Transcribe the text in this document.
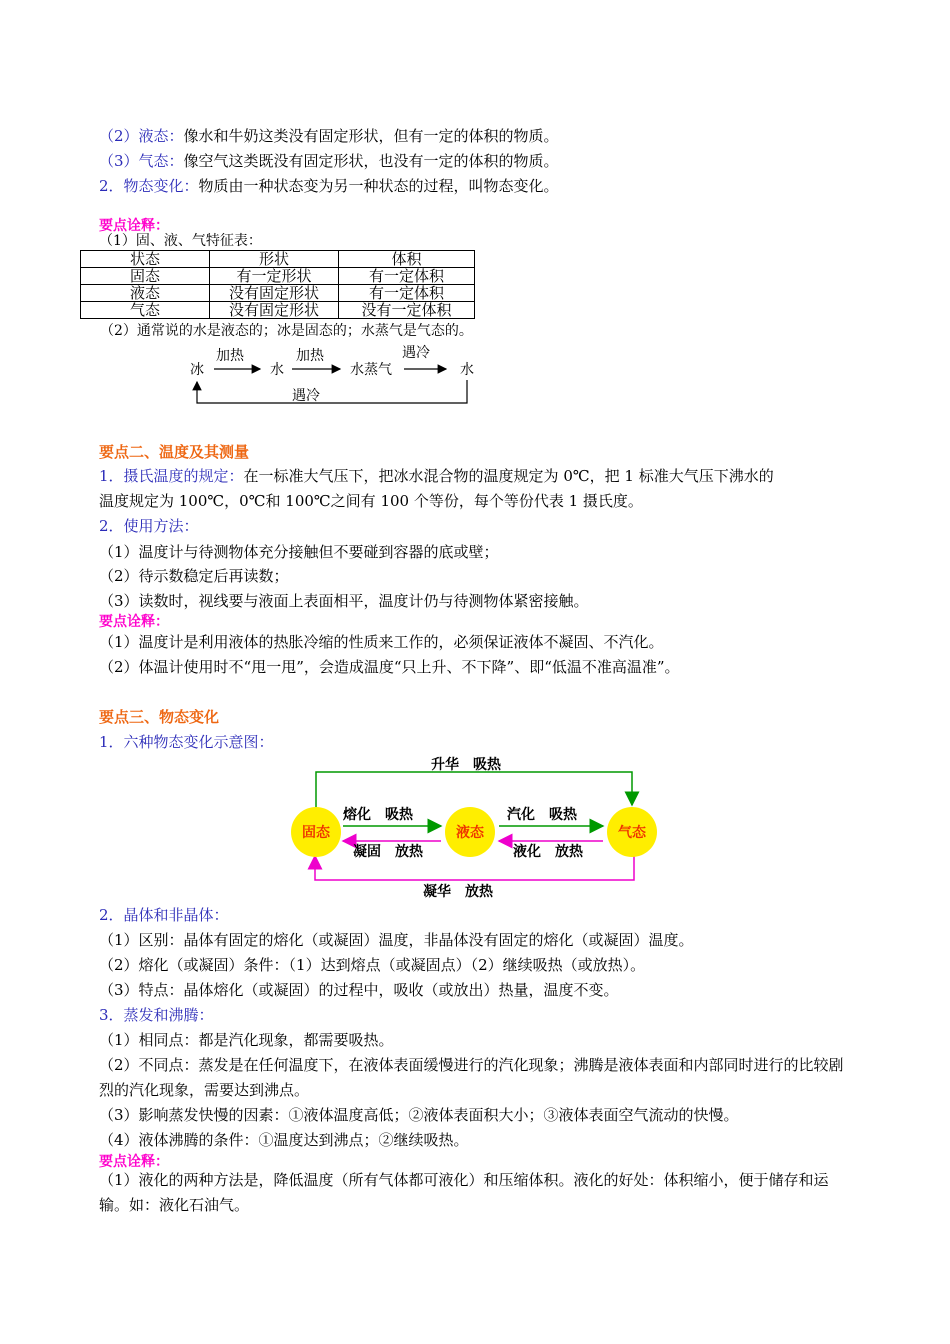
（2）液态：像水和牛奶这类没有固定形状，但有一定的体积的物质。
（3）气态：像空气这类既没有固定形状，也没有一定的体积的物质。
2．物态变化：物质由一种状态变为另一种状态的过程，叫物态变化。
要点诠释：
（1）固、液、气特征表：
状态	形状	体积
固态	有一定形状	有一定体积
液态	没有固定形状	有一定体积
气态	没有固定形状	没有一定体积
（2）通常说的水是液态的；冰是固态的；水蒸气是气态的。
冰
加热
水
加热
水蒸气
遇冷
水
遇冷
要点二、温度及其测量
1．摄氏温度的规定：在一标准大气压下，把冰水混合物的温度规定为 0℃，把 1 标准大气压下沸水的
温度规定为 100℃，0℃和 100℃之间有 100 个等份，每个等份代表 1 摄氏度。
2．使用方法：
（1）温度计与待测物体充分接触但不要碰到容器的底或壁；
（2）待示数稳定后再读数；
（3）读数时，视线要与液面上表面相平，温度计仍与待测物体紧密接触。
要点诠释：
（1）温度计是利用液体的热胀冷缩的性质来工作的，必须保证液体不凝固、不汽化。
（2）体温计使用时不“甩一甩”，会造成温度“只上升、不下降”、即“低温不准高温准”。
要点三、物态变化
1．六种物态变化示意图：
升华　吸热
凝华　放热
熔化　吸热
凝固　放热
汽化　吸热
液化　放热
固态	液态	气态
2．晶体和非晶体：
（1）区别：晶体有固定的熔化（或凝固）温度，非晶体没有固定的熔化（或凝固）温度。
（2）熔化（或凝固）条件：（1）达到熔点（或凝固点）（2）继续吸热（或放热）。
（3）特点：晶体熔化（或凝固）的过程中，吸收（或放出）热量，温度不变。
3．蒸发和沸腾：
（1）相同点：都是汽化现象，都需要吸热。
（2）不同点：蒸发是在任何温度下，在液体表面缓慢进行的汽化现象；沸腾是液体表面和内部同时进行的比较剧烈的汽化现象，需要达到沸点。
（3）影响蒸发快慢的因素：①液体温度高低；②液体表面积大小；③液体表面空气流动的快慢。
（4）液体沸腾的条件：①温度达到沸点；②继续吸热。
要点诠释：
（1）液化的两种方法是，降低温度（所有气体都可液化）和压缩体积。液化的好处：体积缩小，便于储存和运输。如：液化石油气。
